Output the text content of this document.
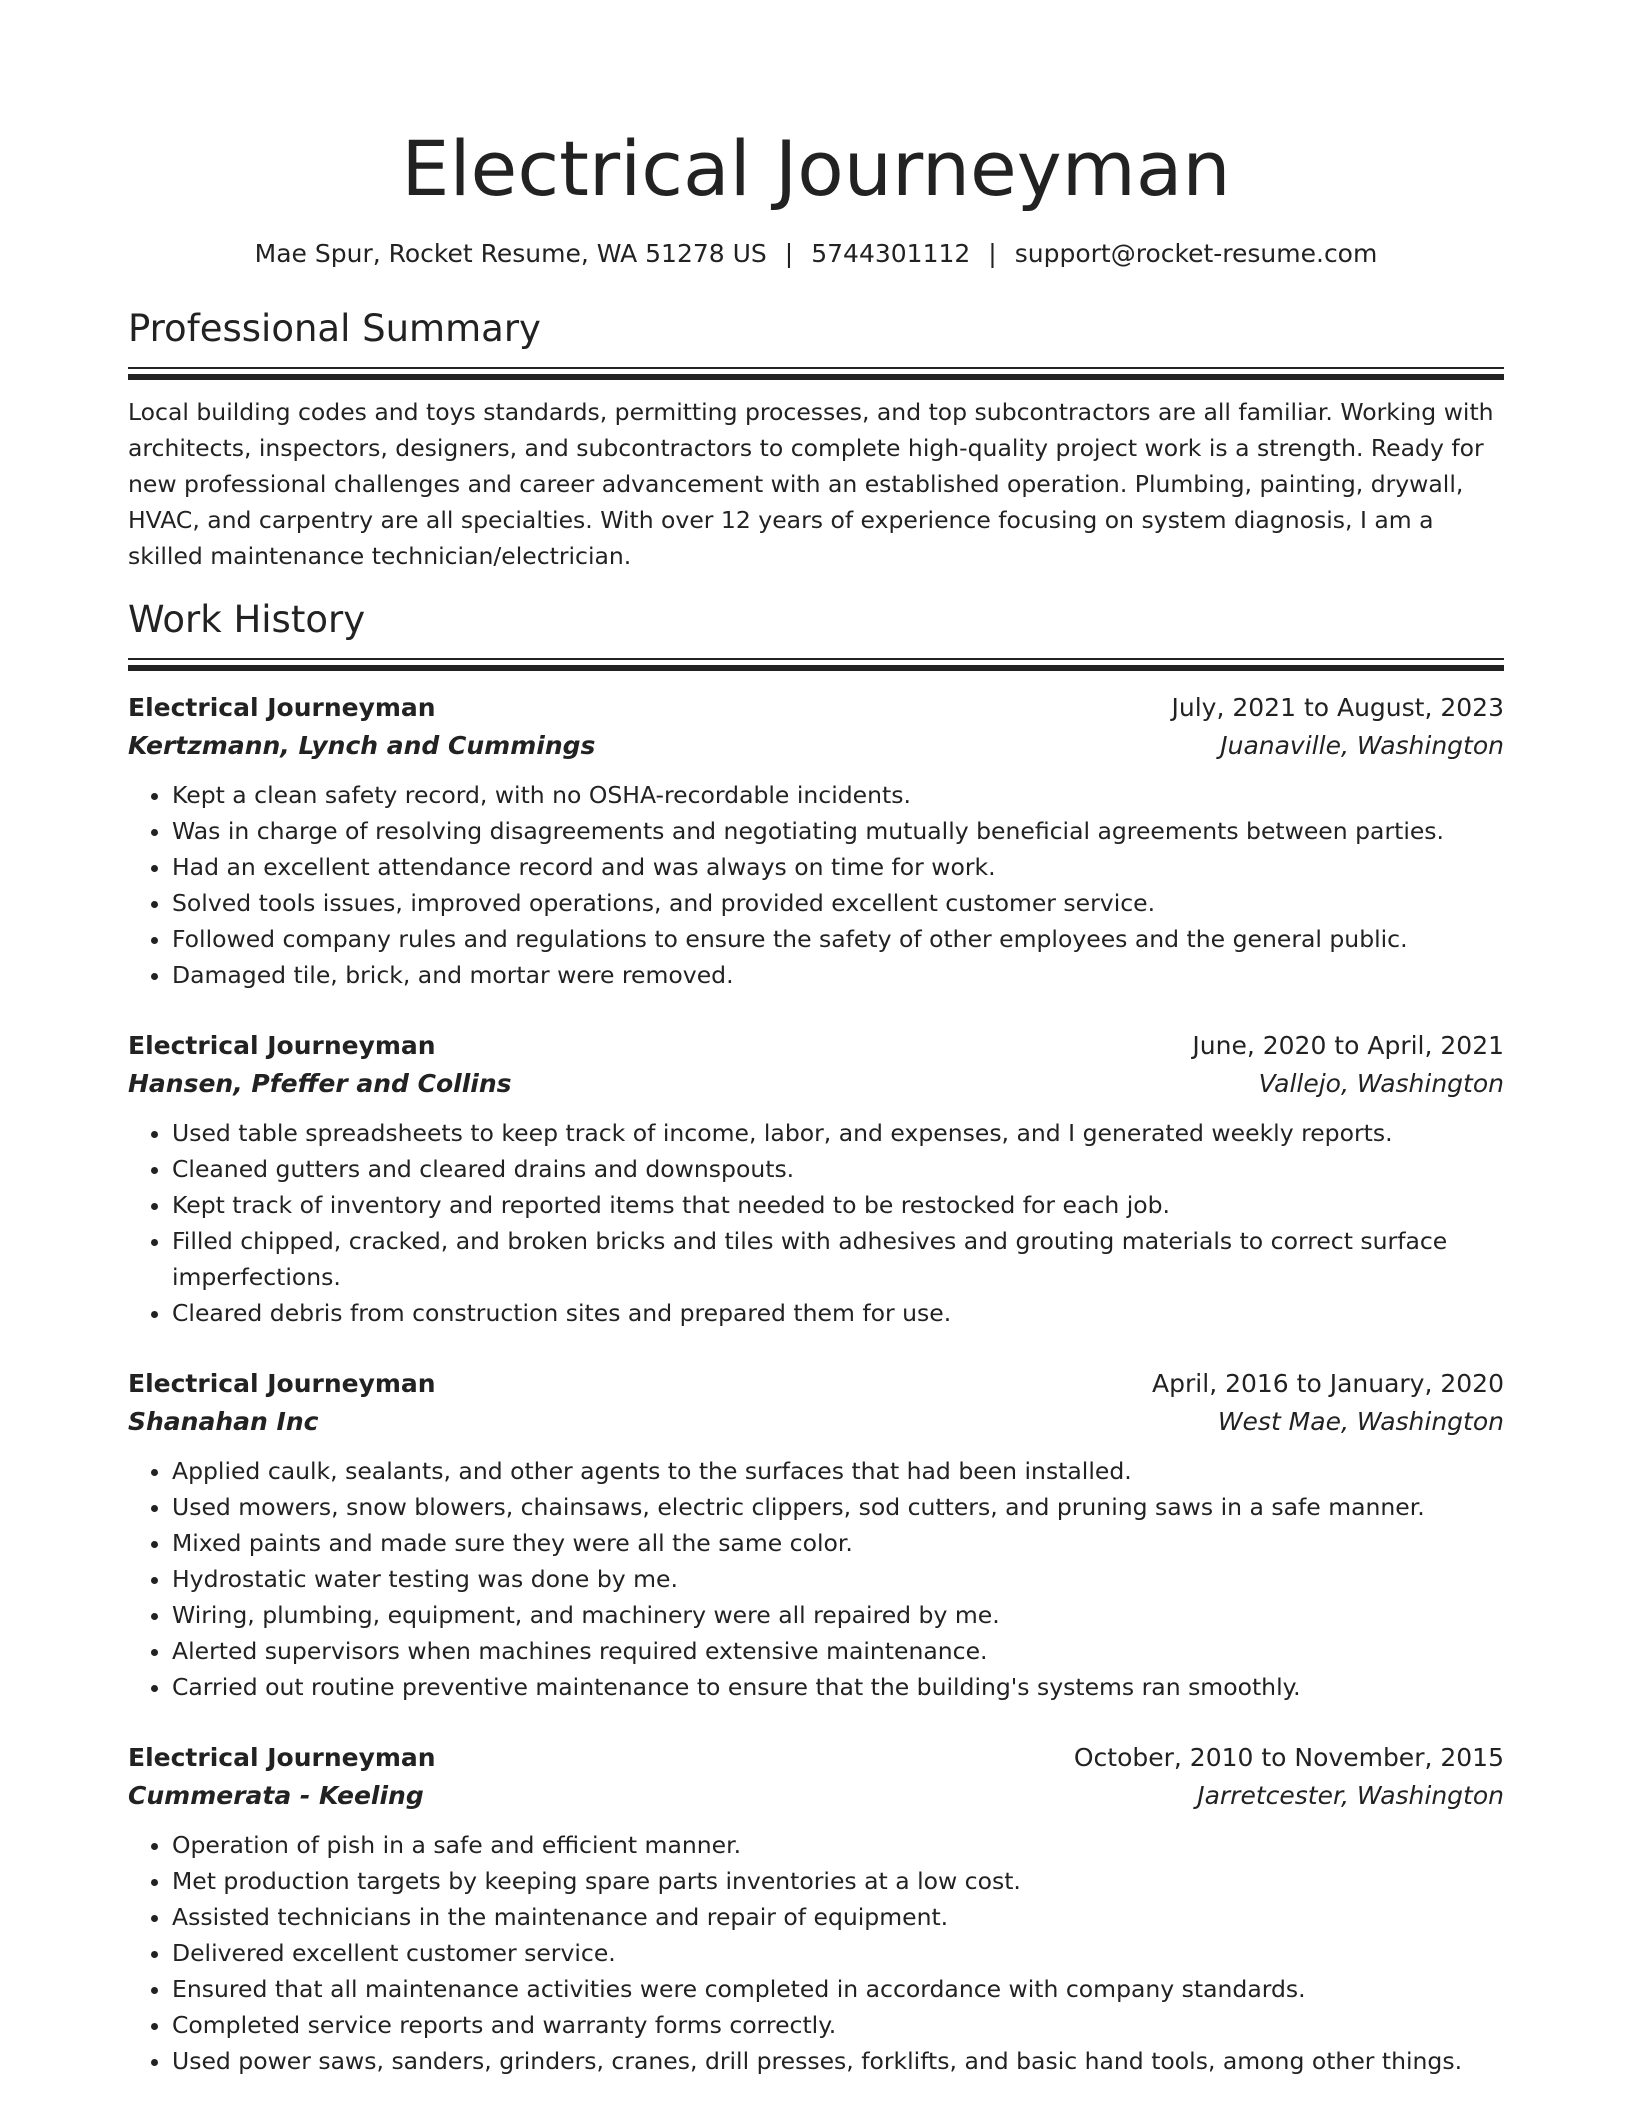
Electrical Journeyman
Mae Spur, Rocket Resume, WA 51278 US | 5744301112 | support@rocket-resume.com
Professional Summary

Local building codes and toys standards, permitting processes, and top subcontractors are all familiar. Working with architects, inspectors, designers, and subcontractors to complete high-quality project work is a strength. Ready for new professional challenges and career advancement with an established operation. Plumbing, painting, drywall, HVAC, and carpentry are all specialties. With over 12 years of experience focusing on system diagnosis, I am a skilled maintenance technician/electrician.

Work History
Electrical Journeyman	July, 2021 to August, 2023
Kertzmann, Lynch and Cummings	Juanaville, Washington
• Kept a clean safety record, with no OSHA-recordable incidents.
• Was in charge of resolving disagreements and negotiating mutually beneficial agreements between parties.
• Had an excellent attendance record and was always on time for work.
• Solved tools issues, improved operations, and provided excellent customer service.
• Followed company rules and regulations to ensure the safety of other employees and the general public.
• Damaged tile, brick, and mortar were removed.
Electrical Journeyman	June, 2020 to April, 2021
Hansen, Pfeffer and Collins	Vallejo, Washington
• Used table spreadsheets to keep track of income, labor, and expenses, and I generated weekly reports.
• Cleaned gutters and cleared drains and downspouts.
• Kept track of inventory and reported items that needed to be restocked for each job.
• Filled chipped, cracked, and broken bricks and tiles with adhesives and grouting materials to correct surface imperfections.
• Cleared debris from construction sites and prepared them for use.
Electrical Journeyman	April, 2016 to January, 2020
Shanahan Inc	West Mae, Washington
• Applied caulk, sealants, and other agents to the surfaces that had been installed.
• Used mowers, snow blowers, chainsaws, electric clippers, sod cutters, and pruning saws in a safe manner.
• Mixed paints and made sure they were all the same color.
• Hydrostatic water testing was done by me.
• Wiring, plumbing, equipment, and machinery were all repaired by me.
• Alerted supervisors when machines required extensive maintenance.
• Carried out routine preventive maintenance to ensure that the building's systems ran smoothly.
Electrical Journeyman	October, 2010 to November, 2015
Cummerata - Keeling	Jarretcester, Washington
• Operation of pish in a safe and efficient manner.
• Met production targets by keeping spare parts inventories at a low cost.
• Assisted technicians in the maintenance and repair of equipment.
• Delivered excellent customer service.
• Ensured that all maintenance activities were completed in accordance with company standards.
• Completed service reports and warranty forms correctly.
• Used power saws, sanders, grinders, cranes, drill presses, forklifts, and basic hand tools, among other things.
